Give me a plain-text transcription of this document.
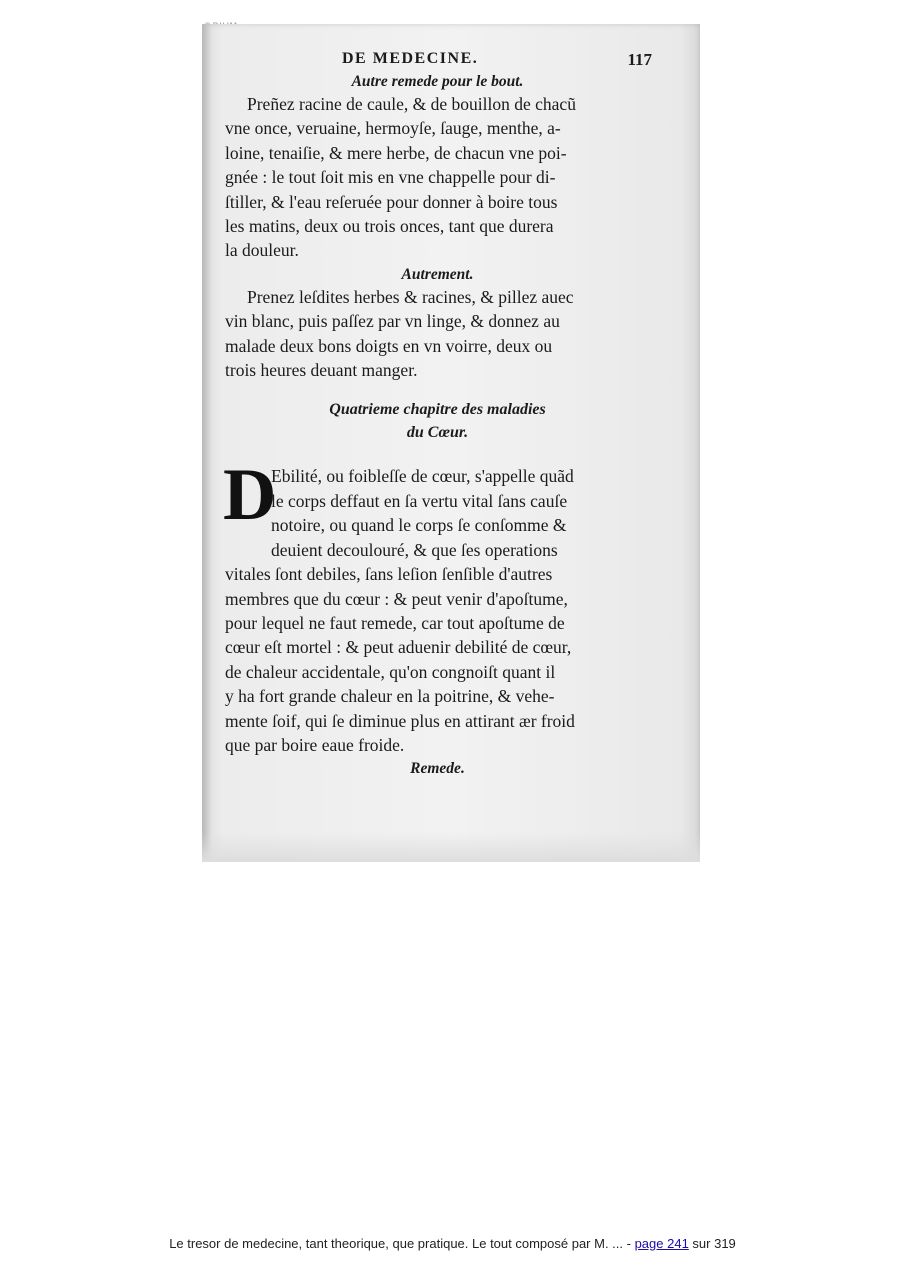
DE MEDECINE.	117
Autre remede pour le bout.
Preñez racine de caule, & de bouillon de chacũ
vne once, veruaine, hermoyſe, ſauge, menthe, a-
loine, tenaiſie, & mere herbe, de chacun vne poi-
gnée : le tout ſoit mis en vne chappelle pour di-
ſtiller, & l'eau reſeruée pour donner à boire tous
les matins, deux ou trois onces, tant que durera
la douleur.
Autrement.
Prenez leſdites herbes & racines, & pillez auec
vin blanc, puis paſſez par vn linge, & donnez au
malade deux bons doigts en vn voirre, deux ou
trois heures deuant manger.
Quatrieme chapitre des maladies
du Cœur.
D
Ebilité, ou foibleſſe de cœur, s'appelle quãd
le corps deffaut en ſa vertu vital ſans cauſe
notoire, ou quand le corps ſe conſomme &
deuient decoulouré, & que ſes operations
vitales ſont debiles, ſans leſion ſenſible d'autres
membres que du cœur : & peut venir d'apoſtume,
pour lequel ne faut remede, car tout apoſtume de
cœur eſt mortel : & peut aduenir debilité de cœur,
de chaleur accidentale, qu'on congnoiſt quant il
y ha fort grande chaleur en la poitrine, & vehe-
mente ſoif, qui ſe diminue plus en attirant ær froid
que par boire eaue froide.
Remede.
Le tresor de medecine, tant theorique, que pratique. Le tout composé par M. ... - page 241 sur 319
